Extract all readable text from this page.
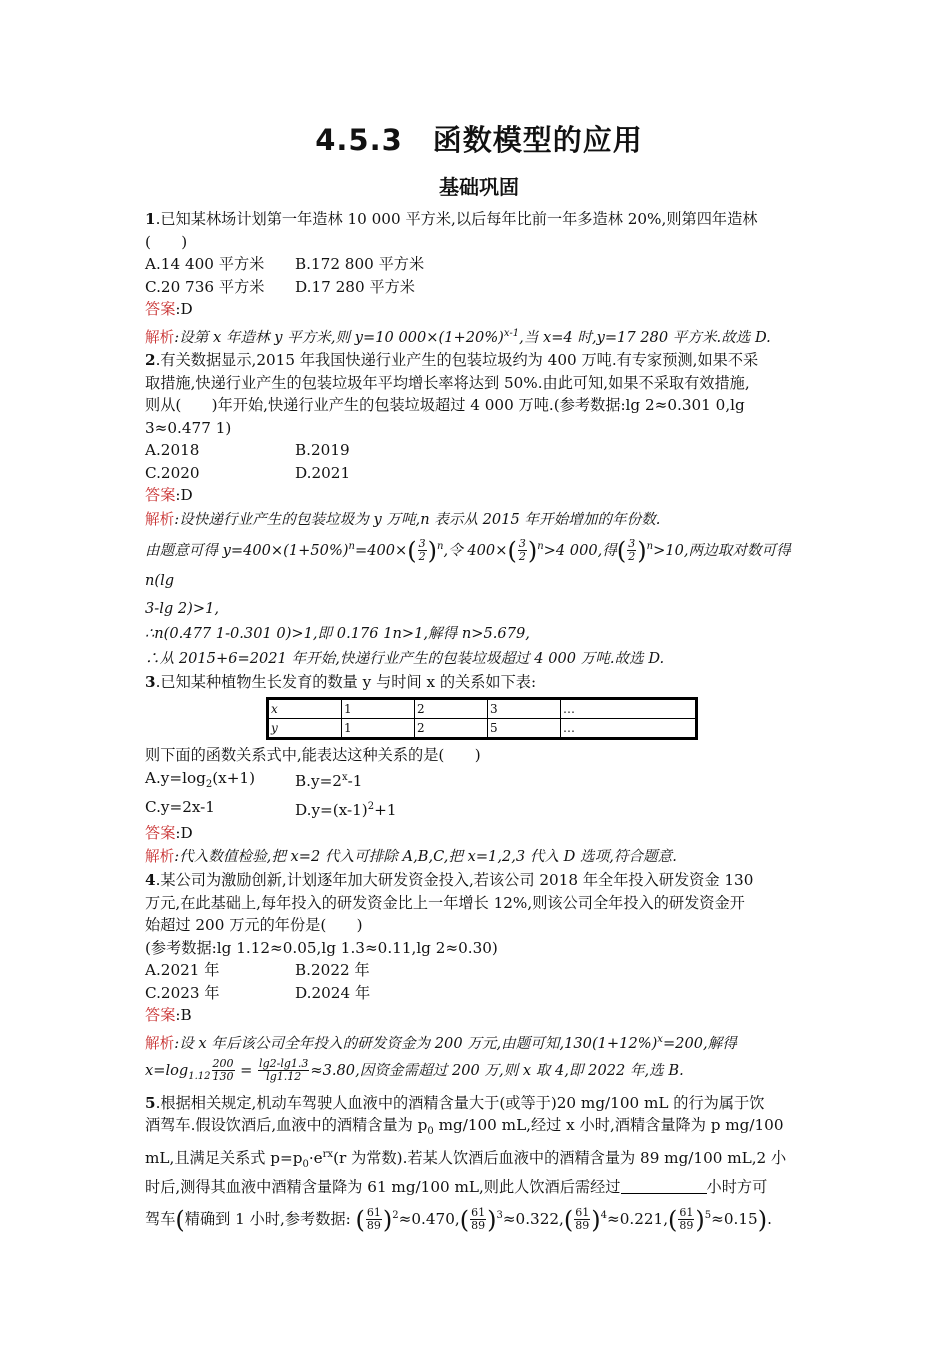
4.5.3　函数模型的应用
基础巩固
1.已知某林场计划第一年造林 10 000 平方米,以后每年比前一年多造林 20%,则第四年造林
(　　)
A.14 400 平方米	B.172 800 平方米
C.20 736 平方米	D.17 280 平方米
答案:D
解析:设第 x 年造林 y 平方米,则 y=10 $000\times(1+20\%)^{x-1}$,当 x=4 时,y=17 280 平方米.故选 D.
2.有关数据显示,2015 年我国快递行业产生的包装垃圾约为 400 万吨.有专家预测,如果不采
取措施,快递行业产生的包装垃圾年平均增长率将达到 50%.由此可知,如果不采取有效措施,
则从(　　)年开始,快递行业产生的包装垃圾超过 4 000 万吨.(参考数据:lg 2≈0.301 0,lg
3≈0.477 1)
A.2018	B.2019
C.2020	D.2021
答案:D
解析:设快递行业产生的包装垃圾为 y 万吨,n 表示从 2015 年开始增加的年份数.
由题意可得 $y=400\times(1+50\%)^n=400\times( \frac{3}{2} )^n$,令 $400\times( \frac{3}{2} )^n>4$ 000,得( $\frac{3}{2} )^n>10$,两边取对数可得 n(lg
3-lg 2)>1,
∴n(0.477 1-0.301 0)>1,即 0.176 1n>1,解得 n>5.679,
∴从 2015+6=2021 年开始,快递行业产生的包装垃圾超过 4 000 万吨.故选 D.
3.已知某种植物生长发育的数量 y 与时间 x 的关系如下表:
x	1	2	3	…
y	1	2	5	…
则下面的函数关系式中,能表达这种关系的是(　　)
$A.y=\log_2(x+1)$	$B.y=2^x-1$
C.y=2x-1	$D.y=(x-1)^2+1$
答案:D
解析:代入数值检验,把 x=2 代入可排除 A,B,C,把 x=1,2,3 代入 D 选项,符合题意.
4.某公司为激励创新,计划逐年加大研发资金投入,若该公司 2018 年全年投入研发资金 130
万元,在此基础上,每年投入的研发资金比上一年增长 12%,则该公司全年投入的研发资金开
始超过 200 万元的年份是(　　)
(参考数据:lg 1.12≈0.05,lg 1.3≈0.11,lg 2≈0.30)
A.2021 年	B.2022 年
C.2023 年	D.2024 年
答案:B
解析:设 x 年后该公司全年投入的研发资金为 200 万元,由题可知$,130(1+12\%)^x=200$,解得
$x=\log_{1.12} \frac{200}{130} = \frac{\lg 2-\lg 1.3}{\lg 1.12} \approx 3.80$,因资金需超过 200 万,则 x 取 4,即 2022 年,选 B.
5.根据相关规定,机动车驾驶人血液中的酒精含量大于(或等于)20 mg/100 mL 的行为属于饮
酒驾车.假设饮酒后,血液中的酒精含量为 $p_0$ mg/100 mL,经过 x 小时,酒精含量降为 p mg/100
mL,且满足关系式 $p=p_0\cdot e^{rx}(r$ 为常数).若某人饮酒后血液中的酒精含量为 89 mg/100 mL,2 小
时后,测得其血液中酒精含量降为 61 mg/100 mL,则此人饮酒后需经过	小时方可
驾车(精确到 1 小时,参考数据: ( $\frac{61}{89} )^2\approx 0.470,( \frac{61}{89} )^3\approx 0.322,( \frac{61}{89} )^4\approx 0.221,( \frac{61}{89} )^5\approx 0.15$).
